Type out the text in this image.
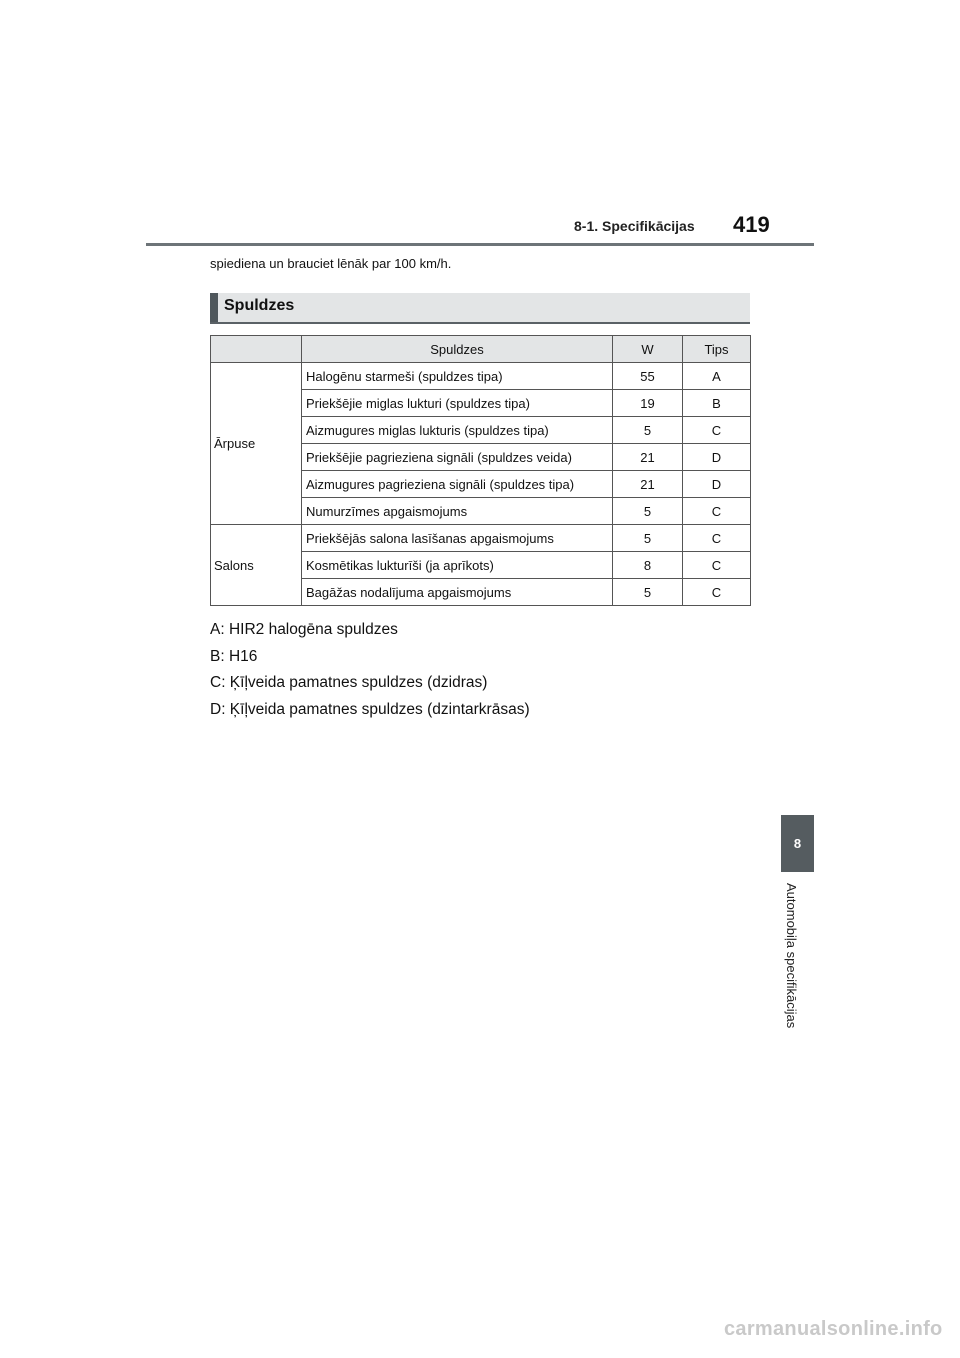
8-1. Specifikācijas 419
spiediena un brauciet lēnāk par 100 km/h.
Spuldzes
	Spuldzes	W	Tips
Ārpuse	Halogēnu starmeši (spuldzes tipa)	55	A
	Priekšējie miglas lukturi (spuldzes tipa)	19	B
	Aizmugures miglas lukturis (spuldzes tipa)	5	C
	Priekšējie pagrieziena signāli (spuldzes veida)	21	D
	Aizmugures pagrieziena signāli (spuldzes tipa)	21	D
	Numurzīmes apgaismojums	5	C
Salons	Priekšējās salona lasīšanas apgaismojums	5	C
	Kosmētikas lukturīši (ja aprīkots)	8	C
	Bagāžas nodalījuma apgaismojums	5	C
A: HIR2 halogēna spuldzes
B: H16
C: Ķīļveida pamatnes spuldzes (dzidras)
D: Ķīļveida pamatnes spuldzes (dzintarkrāsas)
8
Automobiļa specifikācijas
carmanualsonline.info
